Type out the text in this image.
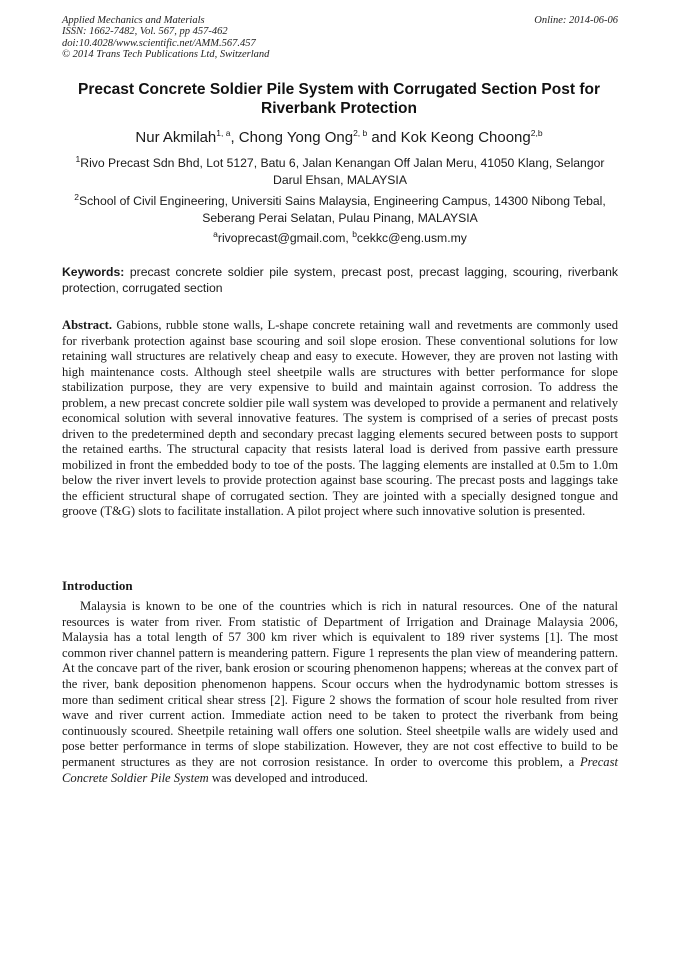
Applied Mechanics and Materials
ISSN: 1662-7482, Vol. 567, pp 457-462
doi:10.4028/www.scientific.net/AMM.567.457
© 2014 Trans Tech Publications Ltd, Switzerland
Online: 2014-06-06
Precast Concrete Soldier Pile System with Corrugated Section Post for Riverbank Protection
Nur Akmilah$^{1, a}$, Chong Yong Ong$^{2, b}$ and Kok Keong Choong$^{2,b}$
$^1$Rivo Precast Sdn Bhd, Lot 5127, Batu 6, Jalan Kenangan Off Jalan Meru, 41050 Klang, Selangor Darul Ehsan, MALAYSIA
$^2$School of Civil Engineering, Universiti Sains Malaysia, Engineering Campus, 14300 Nibong Tebal, Seberang Perai Selatan, Pulau Pinang, MALAYSIA
$^a$rivoprecast@gmail.com, $^b$cekkc@eng.usm.my
Keywords: precast concrete soldier pile system, precast post, precast lagging, scouring, riverbank protection, corrugated section
Abstract. Gabions, rubble stone walls, L-shape concrete retaining wall and revetments are commonly used for riverbank protection against base scouring and soil slope erosion. These conventional solutions for low retaining wall structures are relatively cheap and easy to execute. However, they are proven not lasting with high maintenance costs. Although steel sheetpile walls are structures with better performance for slope stabilization purpose, they are very expensive to build and maintain against corrosion. To address the problem, a new precast concrete soldier pile wall system was developed to provide a permanent and relatively economical solution with several innovative features. The system is comprised of a series of precast posts driven to the predetermined depth and secondary precast lagging elements secured between posts to support the retained earths. The structural capacity that resists lateral load is derived from passive earth pressure mobilized in front the embedded body to toe of the posts. The lagging elements are installed at 0.5m to 1.0m below the river invert levels to provide protection against base scouring. The precast posts and laggings take the efficient structural shape of corrugated section. They are jointed with a specially designed tongue and groove (T&G) slots to facilitate installation. A pilot project where such innovative solution is presented.
Introduction
Malaysia is known to be one of the countries which is rich in natural resources. One of the natural resources is water from river. From statistic of Department of Irrigation and Drainage Malaysia 2006, Malaysia has a total length of 57 300 km river which is equivalent to 189 river systems [1]. The most common river channel pattern is meandering pattern. Figure 1 represents the plan view of meandering pattern. At the concave part of the river, bank erosion or scouring phenomenon happens; whereas at the convex part of the river, bank deposition phenomenon happens. Scour occurs when the hydrodynamic bottom stresses is more than sediment critical shear stress [2]. Figure 2 shows the formation of scour hole resulted from river wave and river current action. Immediate action need to be taken to protect the riverbank from being continuously scoured. Sheetpile retaining wall offers one solution. Steel sheetpile walls are widely used and pose better performance in terms of slope stabilization. However, they are not cost effective to build to be permanent structures as they are not corrosion resistance. In order to overcome this problem, a Precast Concrete Soldier Pile System was developed and introduced.
